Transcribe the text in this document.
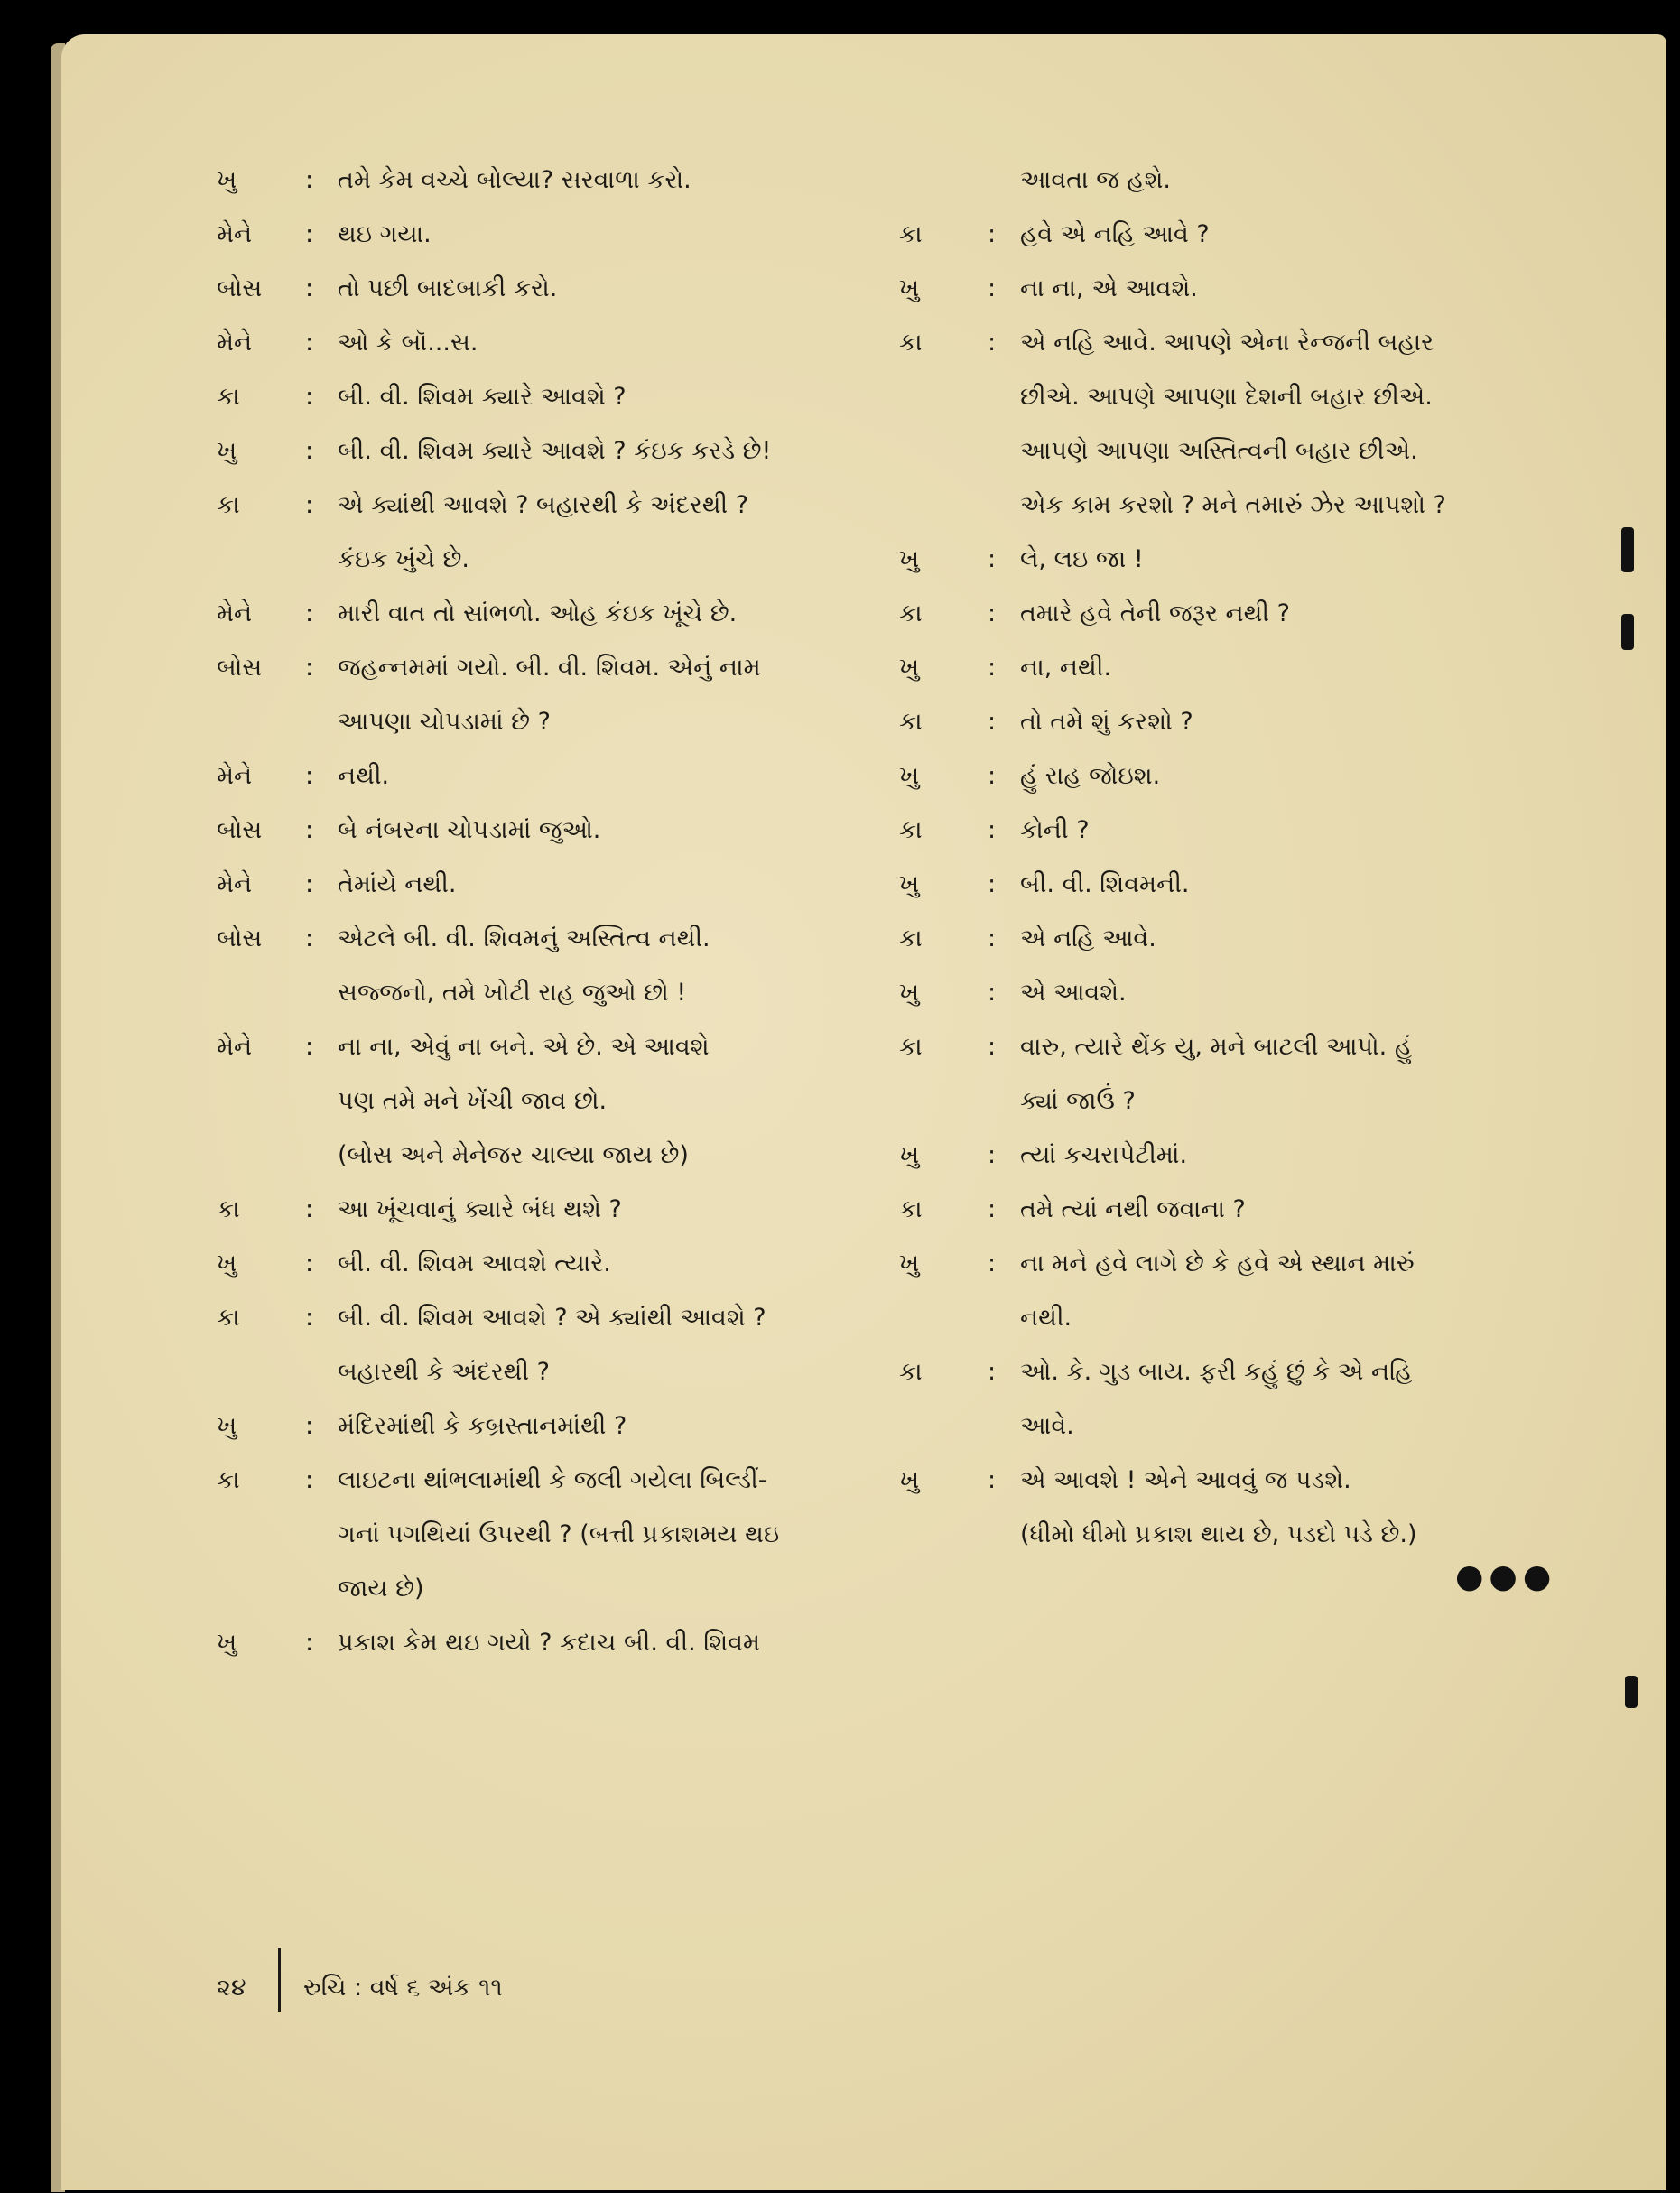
ખુ	: તમે કેમ વચ્ચે બોલ્યા? સરવાળા કરો.
મેને	: થઇ ગયા.
બોસ	: તો પછી બાદબાકી કરો.
મેને	: ઓ કે બૉ...સ.
કા	: બી. વી. શિવમ ક્યારે આવશે ?
ખુ	: બી. વી. શિવમ ક્યારે આવશે ? કંઇક કરડે છે!
કા	: એ ક્યાંથી આવશે ? બહારથી કે અંદરથી ?
કંઇક ખુંચે છે.
મેને	: મારી વાત તો સાંભળો. ઓહ કંઇક ખૂંચે છે.
બોસ	: જહન્નમમાં ગયો. બી. વી. શિવમ. એનું નામ
આપણા ચોપડામાં છે ?
મેને	: નથી.
બોસ	: બે નંબરના ચોપડામાં જુઓ.
મેને	: તેમાંયે નથી.
બોસ	: એટલે બી. વી. શિવમનું અસ્તિત્વ નથી.
સજ્જનો, તમે ખોટી રાહ જુઓ છો !
મેને	: ના ના, એવું ના બને. એ છે. એ આવશે
પણ તમે મને ખેંચી જાવ છો.
(બોસ અને મેનેજર ચાલ્યા જાય છે)
કા	: આ ખૂંચવાનું ક્યારે બંધ થશે ?
ખુ	: બી. વી. શિવમ આવશે ત્યારે.
કા	: બી. વી. શિવમ આવશે ? એ ક્યાંથી આવશે ?
બહારથી કે અંદરથી ?
ખુ	: મંદિરમાંથી કે કબ્રસ્તાનમાંથી ?
કા	: લાઇટના થાંભલામાંથી કે જલી ગયેલા બિલ્ડીં-
ગનાં પગથિયાં ઉપરથી ? (બત્તી પ્રકાશમય થઇ
જાય છે)
ખુ	: પ્રકાશ કેમ થઇ ગયો ? કદાચ બી. વી. શિવમ
આવતા જ હશે.
કા	: હવે એ નહિ આવે ?
ખુ	: ના ના, એ આવશે.
કા	: એ નહિ આવે. આપણે એના રેન્જની બહાર
છીએ. આપણે આપણા દેશની બહાર છીએ.
આપણે આપણા અસ્તિત્વની બહાર છીએ.
એક કામ કરશો ? મને તમારું ઝેર આપશો ?
ખુ	: લે, લઇ જા !
કા	: તમારે હવે તેની જરૂર નથી ?
ખુ	: ના, નથી.
કા	: તો તમે શું કરશો ?
ખુ	: હું રાહ જોઇશ.
કા	: કોની ?
ખુ	: બી. વી. શિવમની.
કા	: એ નહિ આવે.
ખુ	: એ આવશે.
કા	: વારુ, ત્યારે થેંક યુ, મને બાટલી આપો. હું
ક્યાં જાઉં ?
ખુ	: ત્યાં કચરાપેટીમાં.
કા	: તમે ત્યાં નથી જવાના ?
ખુ	: ના મને હવે લાગે છે કે હવે એ સ્થાન મારું
નથી.
કા	: ઓ. કે. ગુડ બાય. ફરી કહું છું કે એ નહિ
આવે.
ખુ	: એ આવશે ! એને આવવું જ પડશે.
(ધીમો ધીમો પ્રકાશ થાય છે, પડદો પડે છે.)
●●●
૨૪ રુચિ : વર્ષ ૬ અંક ૧૧
